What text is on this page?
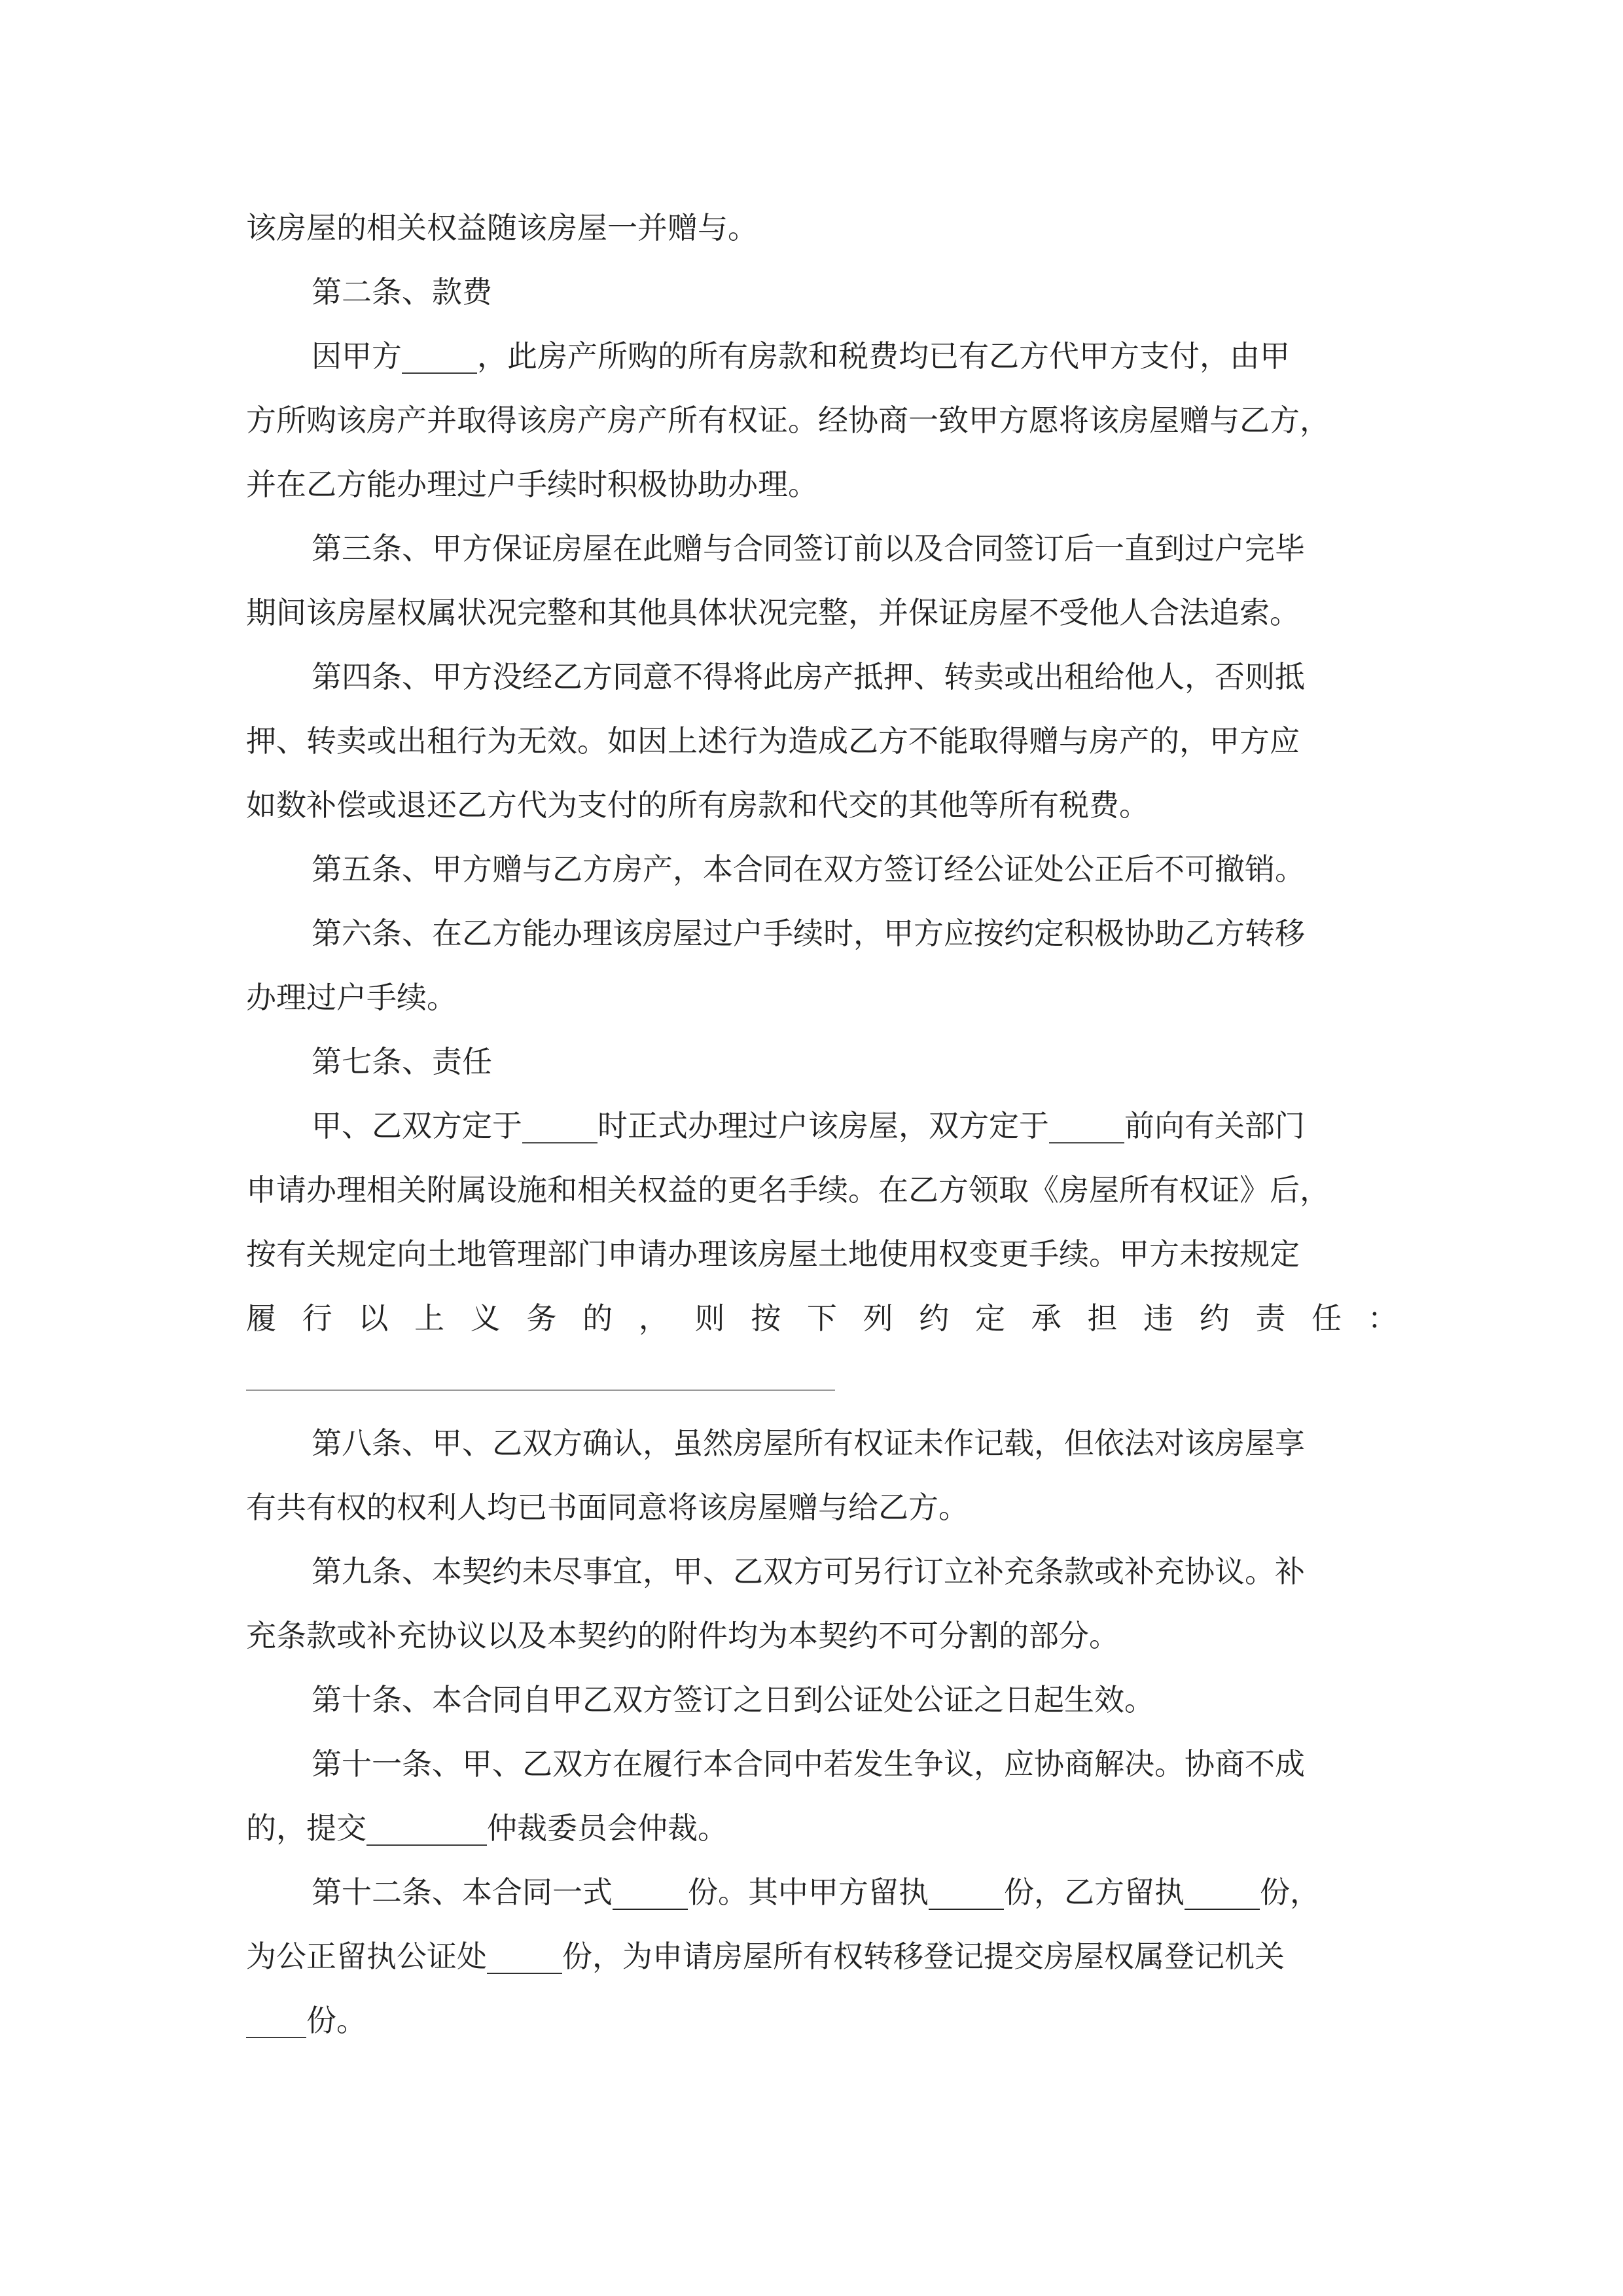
该房屋的相关权益随该房屋一并赠与。
第二条、款费
因甲方_____，此房产所购的所有房款和税费均已有乙方代甲方支付，由甲
方所购该房产并取得该房产房产所有权证。经协商一致甲方愿将该房屋赠与乙方，
并在乙方能办理过户手续时积极协助办理。
第三条、甲方保证房屋在此赠与合同签订前以及合同签订后一直到过户完毕
期间该房屋权属状况完整和其他具体状况完整，并保证房屋不受他人合法追索。
第四条、甲方没经乙方同意不得将此房产抵押、转卖或出租给他人，否则抵
押、转卖或出租行为无效。如因上述行为造成乙方不能取得赠与房产的，甲方应
如数补偿或退还乙方代为支付的所有房款和代交的其他等所有税费。
第五条、甲方赠与乙方房产，本合同在双方签订经公证处公正后不可撤销。
第六条、在乙方能办理该房屋过户手续时，甲方应按约定积极协助乙方转移
办理过户手续。
第七条、责任
甲、乙双方定于_____时正式办理过户该房屋，双方定于_____前向有关部门
申请办理相关附属设施和相关权益的更名手续。在乙方领取《房屋所有权证》后，
按有关规定向土地管理部门申请办理该房屋土地使用权变更手续。甲方未按规定
履 行 以 上 义 务 的 ， 则 按 下 列 约 定 承 担 违 约 责 任 ：
第八条、甲、乙双方确认，虽然房屋所有权证未作记载，但依法对该房屋享
有共有权的权利人均已书面同意将该房屋赠与给乙方。
第九条、本契约未尽事宜，甲、乙双方可另行订立补充条款或补充协议。补
充条款或补充协议以及本契约的附件均为本契约不可分割的部分。
第十条、本合同自甲乙双方签订之日到公证处公证之日起生效。
第十一条、甲、乙双方在履行本合同中若发生争议，应协商解决。协商不成
的，提交________仲裁委员会仲裁。
第十二条、本合同一式_____份。其中甲方留执_____份，乙方留执_____份，
为公正留执公证处_____份，为申请房屋所有权转移登记提交房屋权属登记机关
____份。
